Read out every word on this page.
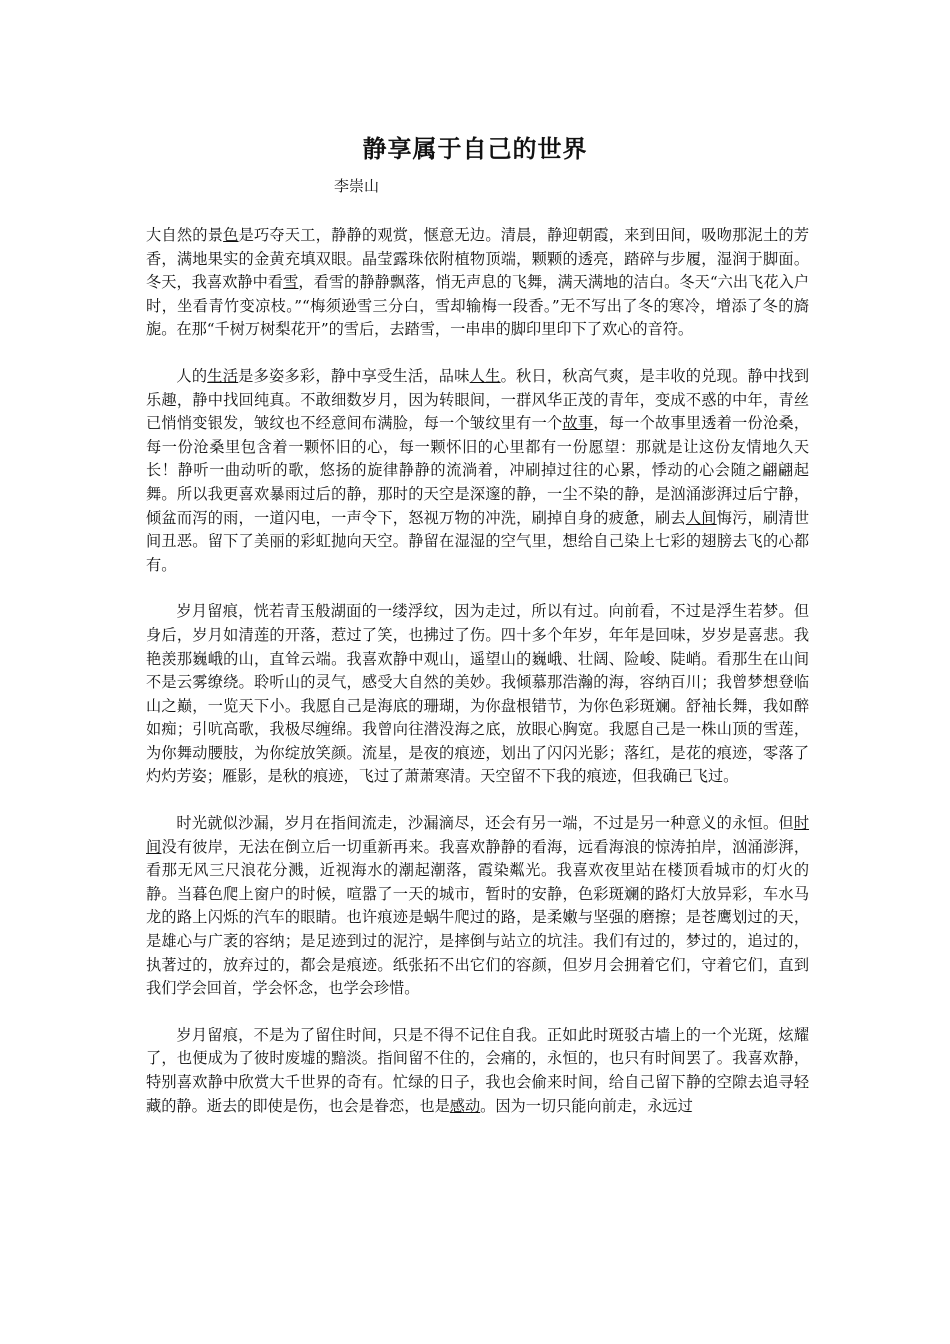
静享属于自己的世界
李崇山

大自然的景色是巧夺天工，静静的观赏，惬意无边。清晨，静迎朝霞，来到田间，吸吻那泥土的芳香，满地果实的金黄充填双眼。晶莹露珠依附植物顶端，颗颗的透亮，踏碎与步履，湿润于脚面。冬天，我喜欢静中看雪，看雪的静静飘落，悄无声息的飞舞，满天满地的洁白。冬天“六出飞花入户时，坐看青竹变凉枝。”“梅须逊雪三分白，雪却输梅一段香。”无不写出了冬的寒冷，增添了冬的旖旎。在那“千树万树梨花开”的雪后，去踏雪，一串串的脚印里印下了欢心的音符。

人的生活是多姿多彩，静中享受生活，品味人生。秋日，秋高气爽，是丰收的兑现。静中找到乐趣，静中找回纯真。不敢细数岁月，因为转眼间，一群风华正茂的青年，变成不惑的中年，青丝已悄悄变银发，皱纹也不经意间布满脸，每一个皱纹里有一个故事，每一个故事里透着一份沧桑，每一份沧桑里包含着一颗怀旧的心，每一颗怀旧的心里都有一份愿望：那就是让这份友情地久天长！静听一曲动听的歌，悠扬的旋律静静的流淌着，冲刷掉过往的心累，悸动的心会随之翩翩起舞。所以我更喜欢暴雨过后的静，那时的天空是深邃的静，一尘不染的静，是汹涌澎湃过后宁静，倾盆而泻的雨，一道闪电，一声令下，怒视万物的冲洗，刷掉自身的疲惫，刷去人间悔污，刷清世间丑恶。留下了美丽的彩虹抛向天空。静留在湿湿的空气里，想给自己染上七彩的翅膀去飞的心都有。

岁月留痕，恍若青玉般湖面的一缕浮纹，因为走过，所以有过。向前看，不过是浮生若梦。但身后，岁月如清莲的开落，惹过了笑，也拂过了伤。四十多个年岁，年年是回味，岁岁是喜悲。我艳羡那巍峨的山，直耸云端。我喜欢静中观山，遥望山的巍峨、壮阔、险峻、陡峭。看那生在山间不是云雾缭绕。聆听山的灵气，感受大自然的美妙。我倾慕那浩瀚的海，容纳百川；我曾梦想登临山之巅，一览天下小。我愿自己是海底的珊瑚，为你盘根错节，为你色彩斑斓。舒袖长舞，我如醉如痴；引吭高歌，我极尽缠绵。我曾向往潜没海之底，放眼心胸宽。我愿自己是一株山顶的雪莲，为你舞动腰肢，为你绽放笑颜。流星，是夜的痕迹，划出了闪闪光影；落红，是花的痕迹，零落了灼灼芳姿；雁影，是秋的痕迹，飞过了萧萧寒清。天空留不下我的痕迹，但我确已飞过。

时光就似沙漏，岁月在指间流走，沙漏滴尽，还会有另一端，不过是另一种意义的永恒。但时间没有彼岸，无法在倒立后一切重新再来。我喜欢静静的看海，远看海浪的惊涛拍岸，汹涌澎湃，看那无风三尺浪花分溅，近视海水的潮起潮落，霞染粼光。我喜欢夜里站在楼顶看城市的灯火的静。当暮色爬上窗户的时候，喧嚣了一天的城市，暂时的安静，色彩斑斓的路灯大放异彩，车水马龙的路上闪烁的汽车的眼睛。也许痕迹是蜗牛爬过的路，是柔嫩与坚强的磨擦；是苍鹰划过的天，是雄心与广袤的容纳；是足迹到过的泥泞，是摔倒与站立的坑洼。我们有过的，梦过的，追过的，执著过的，放弃过的，都会是痕迹。纸张拓不出它们的容颜，但岁月会拥着它们，守着它们，直到我们学会回首，学会怀念，也学会珍惜。

岁月留痕，不是为了留住时间，只是不得不记住自我。正如此时斑驳古墙上的一个光斑，炫耀了，也便成为了彼时废墟的黯淡。指间留不住的，会痛的，永恒的，也只有时间罢了。我喜欢静，特别喜欢静中欣赏大千世界的奇有。忙绿的日子，我也会偷来时间，给自己留下静的空隙去追寻轻藏的静。逝去的即使是伤，也会是眷恋，也是感动。因为一切只能向前走，永远过
